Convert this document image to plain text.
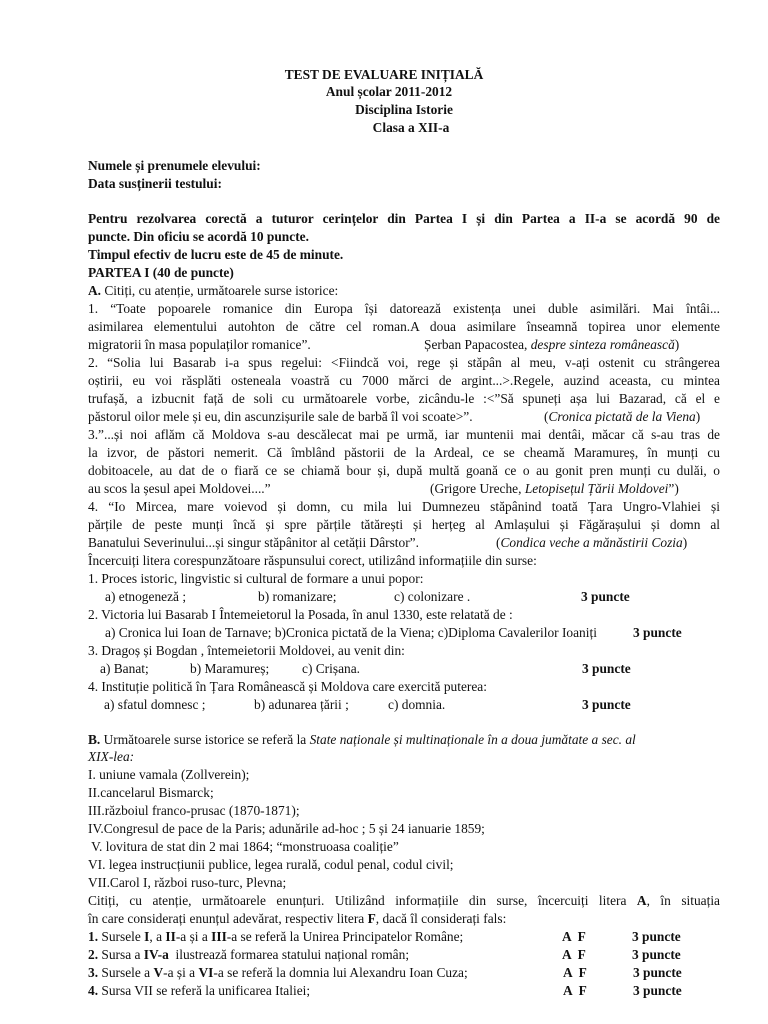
TEST DE EVALUARE INIȚIALĂ
Anul școlar 2011-2012
Disciplina Istorie
Clasa a XII-a
Numele și prenumele elevului:
Data susținerii testului:
Pentru rezolvarea corectă a tuturor cerințelor din Partea I și din Partea a II-a se acordă 90 de
puncte. Din oficiu se acordă 10 puncte.
Timpul efectiv de lucru este de 45 de minute.
PARTEA I (40 de puncte)
A. Citiți, cu atenție, următoarele surse istorice:
1. “Toate popoarele romanice din Europa își datorează existența unei duble asimilări. Mai întâi...
asimilarea elementului autohton de către cel roman.A doua asimilare înseamnă topirea unor elemente
migratorii în masa populaților romanice”.	Șerban Papacostea, despre sinteza românească)
2. “Solia lui Basarab i-a spus regelui: <Fiindcă voi, rege și stăpân al meu, v-ați ostenit cu strângerea
oștirii, eu voi răsplăti osteneala voastră cu 7000 mărci de argint...>.Regele, auzind aceasta, cu mintea
trufașă, a izbucnit față de soli cu următoarele vorbe, zicându-le :<”Să spuneți așa lui Bazarad, că el e
păstorul oilor mele și eu, din ascunzișurile sale de barbă îl voi scoate>”.	(Cronica pictată de la Viena)
3.”...și noi aflăm că Moldova s-au descălecat mai pe urmă, iar muntenii mai dentâi, măcar că s-au tras de
la izvor, de păstori nemerit. Că îmblând păstorii de la Ardeal, ce se cheamă Maramureș, în munți cu
dobitoacele, au dat de o fiară ce se chiamă bour și, după multă goană ce o au gonit pren munți cu dulăi, o
au scos la șesul apei Moldovei....”	(Grigore Ureche, Letopisețul Țării Moldovei”)
4. “Io Mircea, mare voievod și domn, cu mila lui Dumnezeu stăpânind toată Țara Ungro-Vlahiei și
părțile de peste munți încă și spre părțile tătărești și herțeg al Amlașului și Făgărașului și domn al
Banatului Severinului...și singur stăpânitor al cetății Dârstor”.	(Condica veche a mănăstirii Cozia)
Încercuiți litera corespunzătoare răspunsului corect, utilizând informațiile din surse:
1. Proces istoric, lingvistic si cultural de formare a unui popor:
a) etnogeneză ;	b) romanizare;	c) colonizare .	3 puncte
2. Victoria lui Basarab I Întemeietorul la Posada, în anul 1330, este relatată de :
a) Cronica lui Ioan de Tarnave; b)Cronica pictată de la Viena; c)Diploma Cavalerilor Ioaniți	3 puncte
3. Dragoș și Bogdan , întemeietorii Moldovei, au venit din:
a) Banat;	b) Maramureș; c) Crișana.	3 puncte
4. Instituție politică în Țara Românească și Moldova care exercită puterea:
a) sfatul domnesc ;	b) adunarea țării ;	c) domnia.	3 puncte
B. Următoarele surse istorice se referă la State naționale și multinaționale în a doua jumătate a sec. al
XIX-lea:
I. uniune vamala (Zollverein);
II.cancelarul Bismarck;
III.războiul franco-prusac (1870-1871);
IV.Congresul de pace de la Paris; adunările ad-hoc ; 5 și 24 ianuarie 1859;
V. lovitura de stat din 2 mai 1864; “monstruoasa coaliție”
VI. legea instrucțiunii publice, legea rurală, codul penal, codul civil;
VII.Carol I, război ruso-turc, Plevna;
Citiți, cu atenție, următoarele enunțuri. Utilizând informațiile din surse, încercuiți litera A, în situația
în care considerați enunțul adevărat, respectiv litera F, dacă îl considerați fals:
1. Sursele I, a II-a și a III-a se referă la Unirea Principatelor Române;	A  F	3 puncte
2. Sursa a IV-a  ilustrează formarea statului național român;	A  F	3 puncte
3. Sursele a V-a și a VI-a se referă la domnia lui Alexandru Ioan Cuza;	A  F	3 puncte
4. Sursa VII se referă la unificarea Italiei;	A  F	3 puncte
